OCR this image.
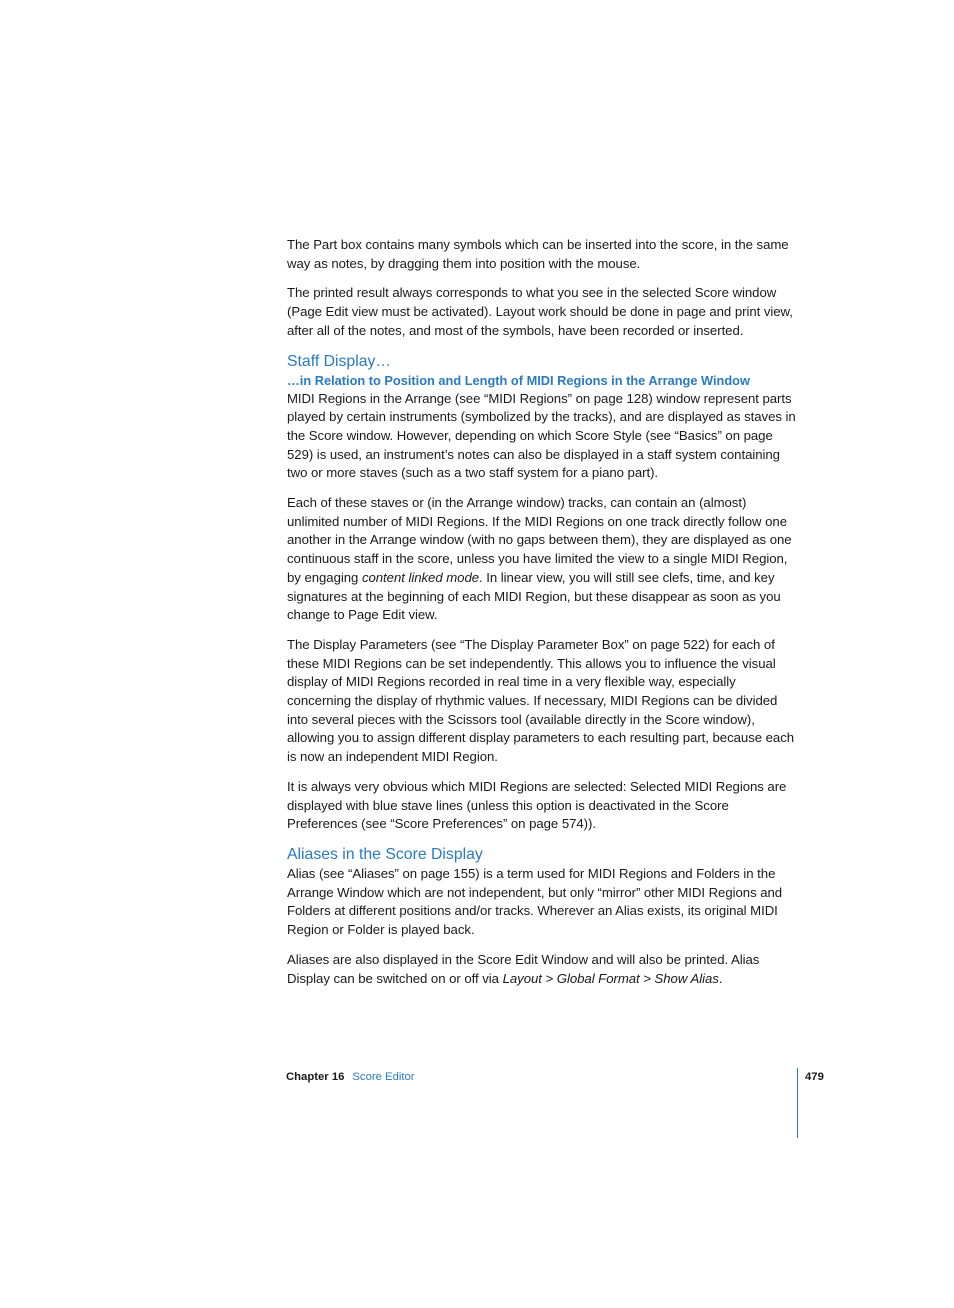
The Part box contains many symbols which can be inserted into the score, in the same way as notes, by dragging them into position with the mouse.

The printed result always corresponds to what you see in the selected Score window (Page Edit view must be activated). Layout work should be done in page and print view, after all of the notes, and most of the symbols, have been recorded or inserted.

Staff Display…
…in Relation to Position and Length of MIDI Regions in the Arrange Window

MIDI Regions in the Arrange (see “MIDI Regions” on page 128) window represent parts played by certain instruments (symbolized by the tracks), and are displayed as staves in the Score window. However, depending on which Score Style (see “Basics” on page 529) is used, an instrument’s notes can also be displayed in a staff system containing two or more staves (such as a two staff system for a piano part).

Each of these staves or (in the Arrange window) tracks, can contain an (almost) unlimited number of MIDI Regions. If the MIDI Regions on one track directly follow one another in the Arrange window (with no gaps between them), they are displayed as one continuous staff in the score, unless you have limited the view to a single MIDI Region, by engaging content linked mode. In linear view, you will still see clefs, time, and key signatures at the beginning of each MIDI Region, but these disappear as soon as you change to Page Edit view.

The Display Parameters (see “The Display Parameter Box” on page 522) for each of these MIDI Regions can be set independently. This allows you to influence the visual display of MIDI Regions recorded in real time in a very flexible way, especially concerning the display of rhythmic values. If necessary, MIDI Regions can be divided into several pieces with the Scissors tool (available directly in the Score window), allowing you to assign different display parameters to each resulting part, because each is now an independent MIDI Region.

It is always very obvious which MIDI Regions are selected: Selected MIDI Regions are displayed with blue stave lines (unless this option is deactivated in the Score Preferences (see “Score Preferences” on page 574)).

Aliases in the Score Display

Alias (see “Aliases” on page 155) is a term used for MIDI Regions and Folders in the Arrange Window which are not independent, but only “mirror” other MIDI Regions and Folders at different positions and/or tracks. Wherever an Alias exists, its original MIDI Region or Folder is played back.

Aliases are also displayed in the Score Edit Window and will also be printed. Alias Display can be switched on or off via Layout > Global Format > Show Alias.

Chapter 16 Score Editor	479
